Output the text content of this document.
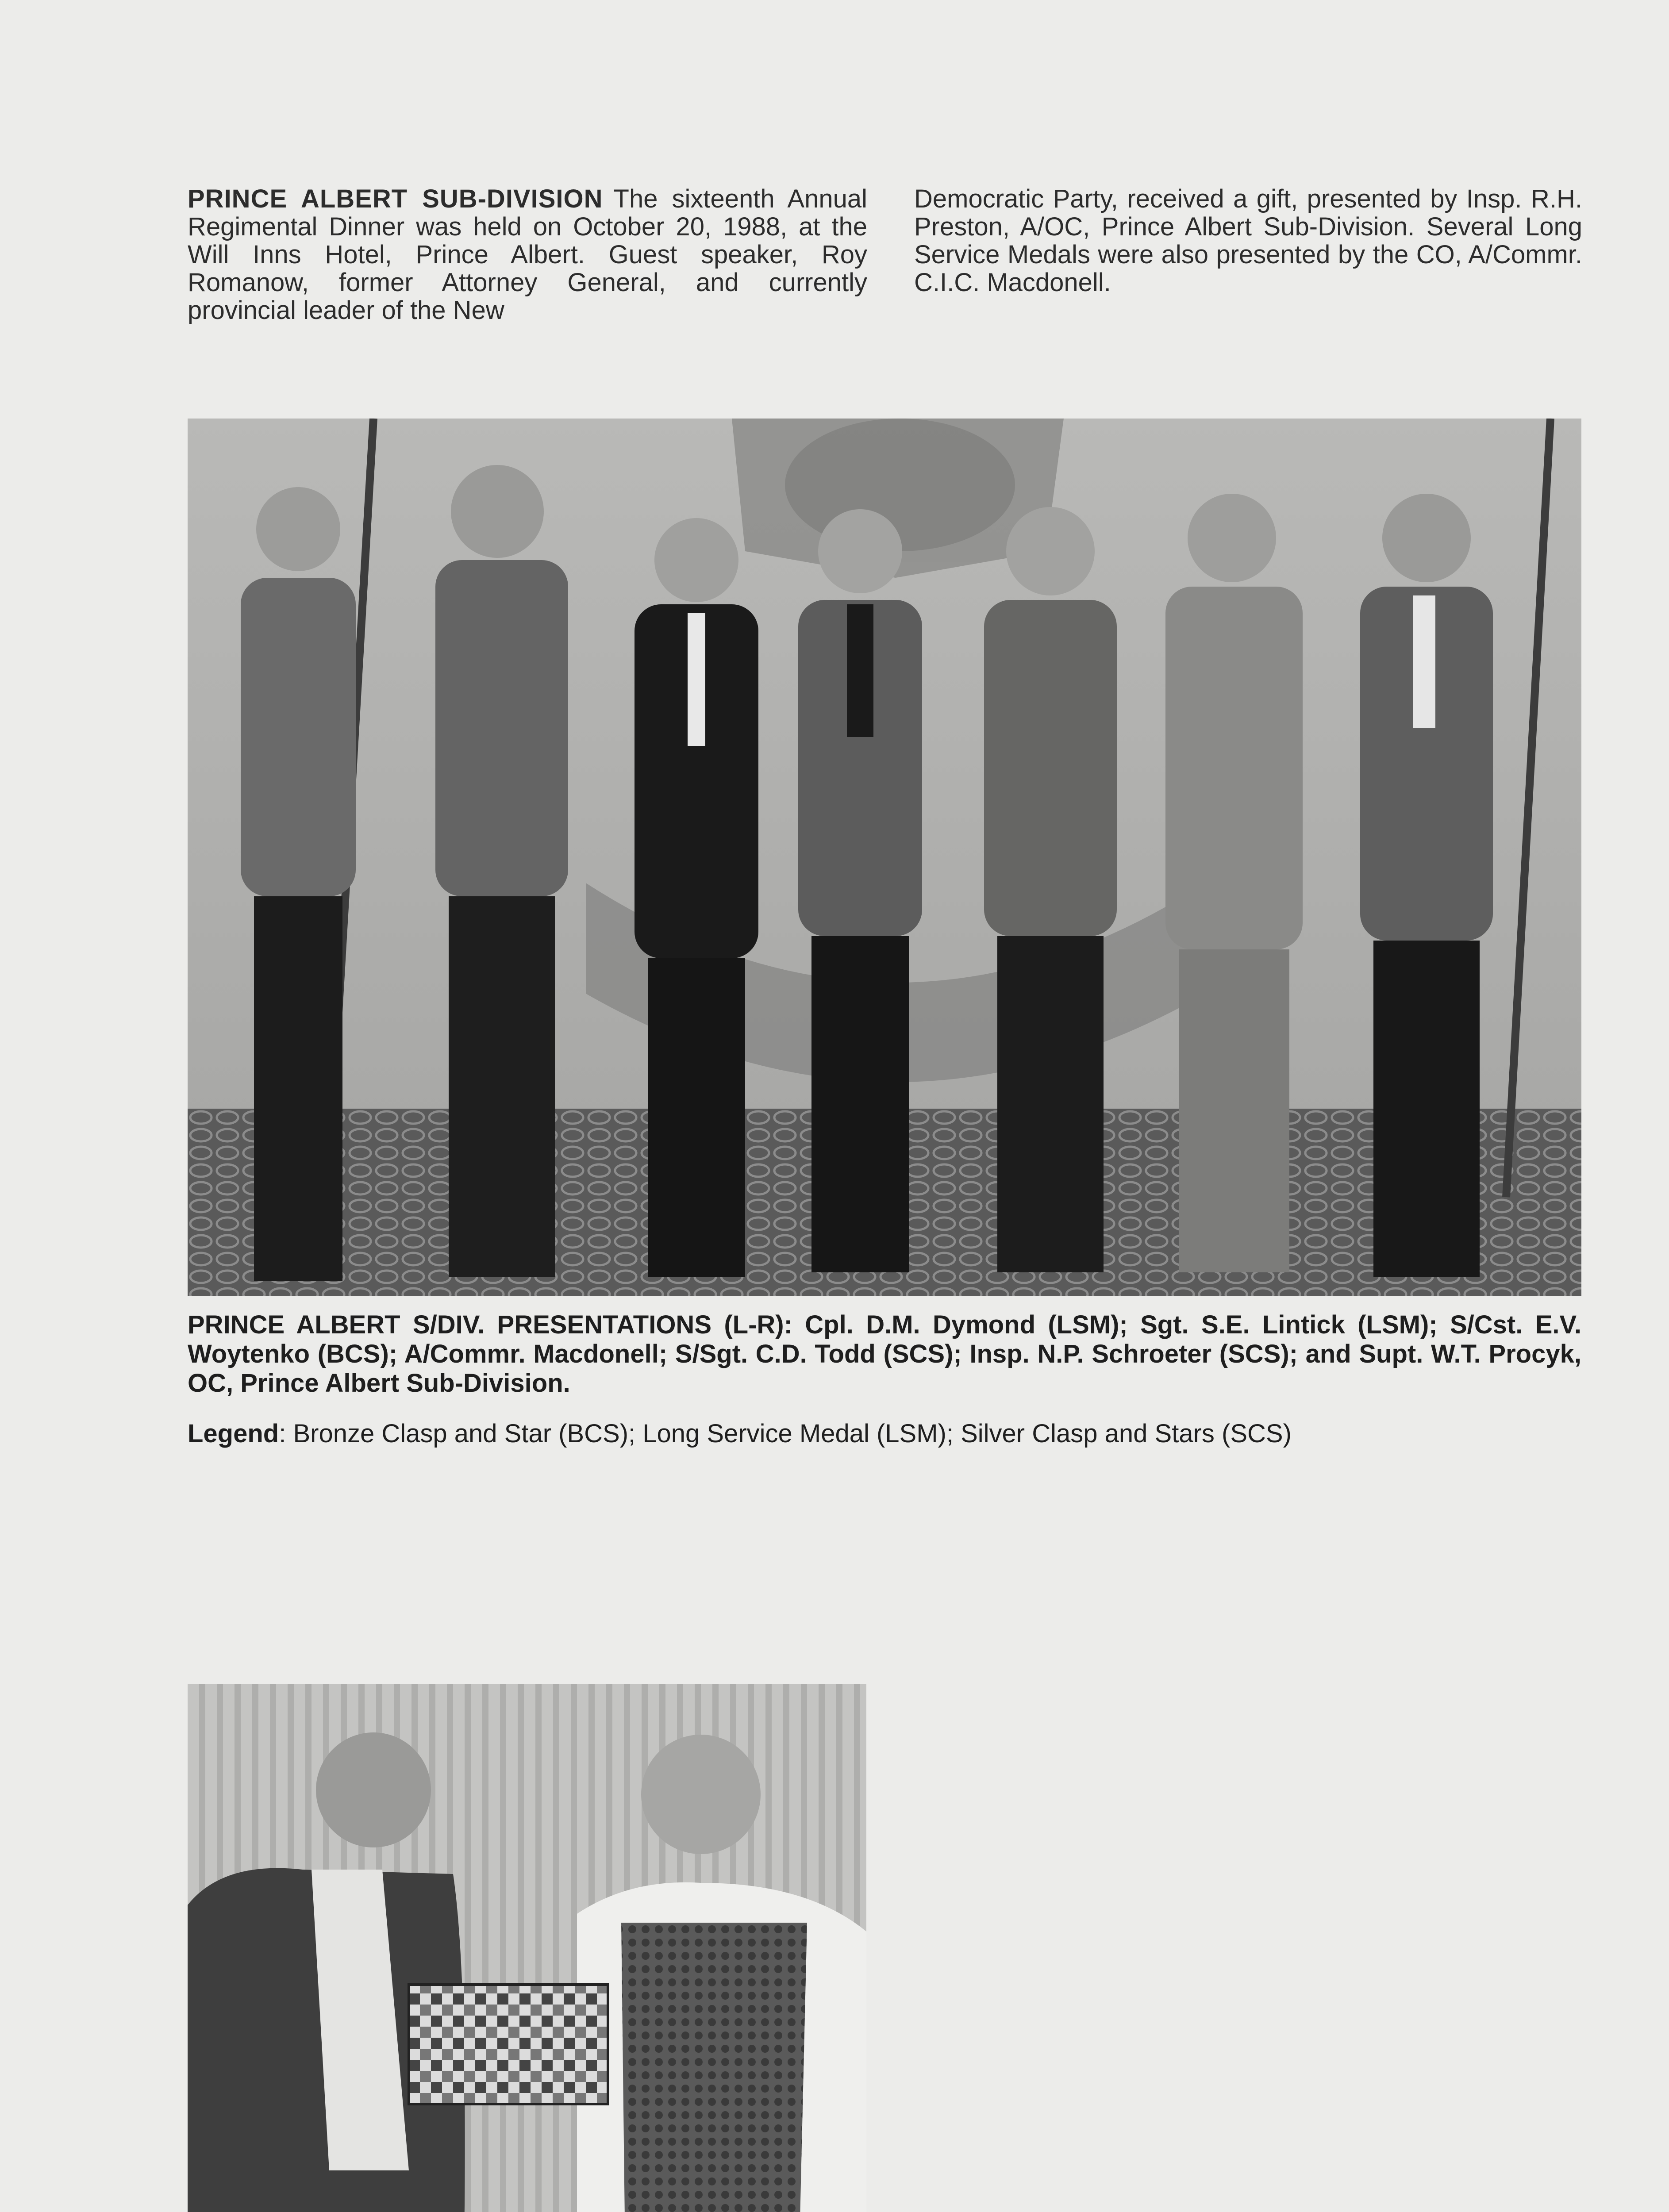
PRINCE ALBERT SUB-DIVISION The sixteenth Annual Regimental Dinner was held on October 20, 1988, at the Will Inns Hotel, Prince Albert. Guest speaker, Roy Romanow, former Attorney General, and currently provincial leader of the New
Democratic Party, received a gift, presented by Insp. R.H. Preston, A/OC, Prince Albert Sub-Division. Several Long Service Medals were also presented by the CO, A/Commr. C.I.C. Macdonell.
PRINCE ALBERT S/DIV. PRESENTATIONS (L-R): Cpl. D.M. Dymond (LSM); Sgt. S.E. Lintick (LSM); S/Cst. E.V. Woytenko (BCS); A/Commr. Macdonell; S/Sgt. C.D. Todd (SCS); Insp. N.P. Schroeter (SCS); and Supt. W.T. Procyk, OC, Prince Albert Sub-Division.
Legend: Bronze Clasp and Star (BCS); Long Service Medal (LSM); Silver Clasp and Stars (SCS)
